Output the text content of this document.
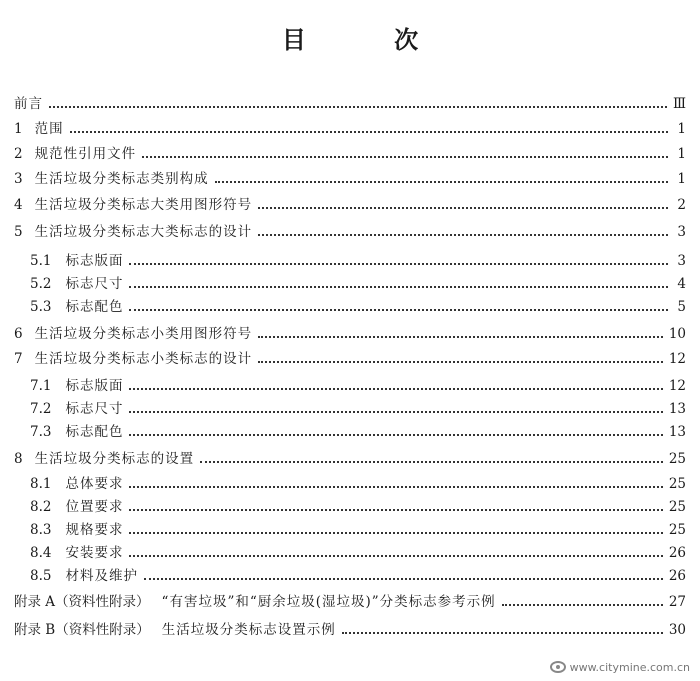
目 次
前言	Ⅲ
1 范围	1
2 规范性引用文件	1
3 生活垃圾分类标志类别构成	1
4 生活垃圾分类标志大类用图形符号	2
5 生活垃圾分类标志大类标志的设计	3
5.1 标志版面	3
5.2 标志尺寸	4
5.3 标志配色	5
6 生活垃圾分类标志小类用图形符号	10
7 生活垃圾分类标志小类标志的设计	12
7.1 标志版面	12
7.2 标志尺寸	13
7.3 标志配色	13
8 生活垃圾分类标志的设置	25
8.1 总体要求	25
8.2 位置要求	25
8.3 规格要求	25
8.4 安装要求	26
8.5 材料及维护	26
附录 A（资料性附录） “有害垃圾”和“厨余垃圾(湿垃圾)”分类标志参考示例	27
附录 B（资料性附录） 生活垃圾分类标志设置示例	30
www.citymine.com.cn
